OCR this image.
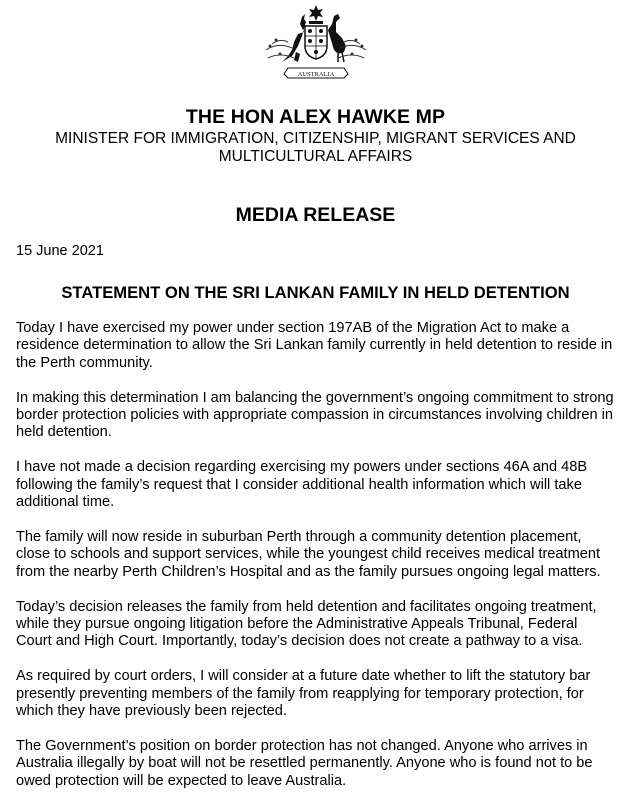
AUSTRALIA
THE HON ALEX HAWKE MP
MINISTER FOR IMMIGRATION, CITIZENSHIP, MIGRANT SERVICES AND
MULTICULTURAL AFFAIRS
MEDIA RELEASE
15 June 2021
STATEMENT ON THE SRI LANKAN FAMILY IN HELD DETENTION

Today I have exercised my power under section 197AB of the Migration Act to make a
residence determination to allow the Sri Lankan family currently in held detention to reside in
the Perth community.

In making this determination I am balancing the government’s ongoing commitment to strong
border protection policies with appropriate compassion in circumstances involving children in
held detention.

I have not made a decision regarding exercising my powers under sections 46A and 48B
following the family’s request that I consider additional health information which will take
additional time.

The family will now reside in suburban Perth through a community detention placement,
close to schools and support services, while the youngest child receives medical treatment
from the nearby Perth Children’s Hospital and as the family pursues ongoing legal matters.

Today’s decision releases the family from held detention and facilitates ongoing treatment,
while they pursue ongoing litigation before the Administrative Appeals Tribunal, Federal
Court and High Court. Importantly, today’s decision does not create a pathway to a visa.

As required by court orders, I will consider at a future date whether to lift the statutory bar
presently preventing members of the family from reapplying for temporary protection, for
which they have previously been rejected.

The Government’s position on border protection has not changed. Anyone who arrives in
Australia illegally by boat will not be resettled permanently. Anyone who is found not to be
owed protection will be expected to leave Australia.
